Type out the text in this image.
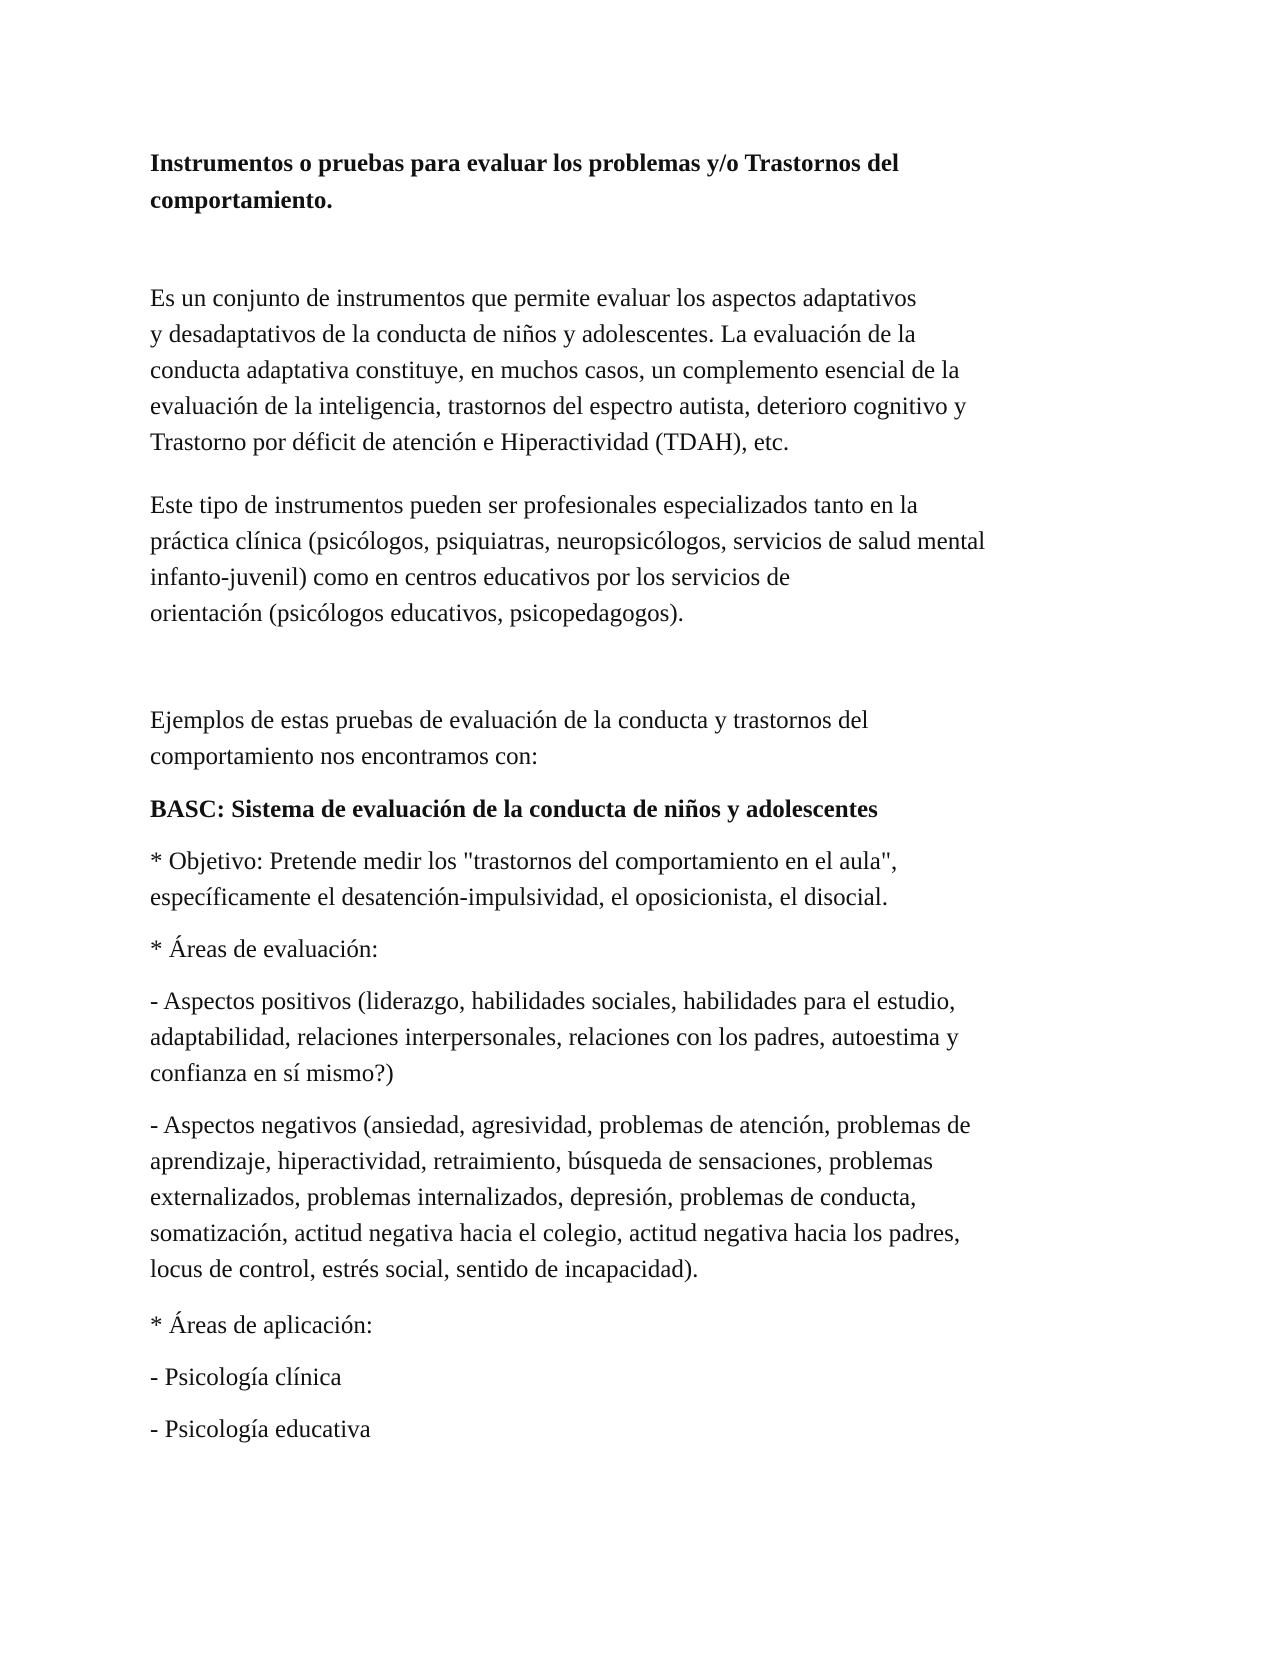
Instrumentos o pruebas para evaluar los problemas y/o Trastornos del
comportamiento.

Es un conjunto de instrumentos que permite evaluar los aspectos adaptativos
y desadaptativos de la conducta de niños y adolescentes. La evaluación de la
conducta adaptativa constituye, en muchos casos, un complemento esencial de la
evaluación de la inteligencia, trastornos del espectro autista, deterioro cognitivo y
Trastorno por déficit de atención e Hiperactividad (TDAH), etc.

Este tipo de instrumentos pueden ser profesionales especializados tanto en la
práctica clínica (psicólogos, psiquiatras, neuropsicólogos, servicios de salud mental
infanto-juvenil) como en centros educativos por los servicios de
orientación (psicólogos educativos, psicopedagogos).

Ejemplos de estas pruebas de evaluación de la conducta y trastornos del
comportamiento nos encontramos con:

BASC: Sistema de evaluación de la conducta de niños y adolescentes

* Objetivo: Pretende medir los "trastornos del comportamiento en el aula",
específicamente el desatención-impulsividad, el oposicionista, el disocial.

* Áreas de evaluación:

- Aspectos positivos (liderazgo, habilidades sociales, habilidades para el estudio,
adaptabilidad, relaciones interpersonales, relaciones con los padres, autoestima y
confianza en sí mismo?)

- Aspectos negativos (ansiedad, agresividad, problemas de atención, problemas de
aprendizaje, hiperactividad, retraimiento, búsqueda de sensaciones, problemas
externalizados, problemas internalizados, depresión, problemas de conducta,
somatización, actitud negativa hacia el colegio, actitud negativa hacia los padres,
locus de control, estrés social, sentido de incapacidad).

* Áreas de aplicación:

- Psicología clínica

- Psicología educativa
